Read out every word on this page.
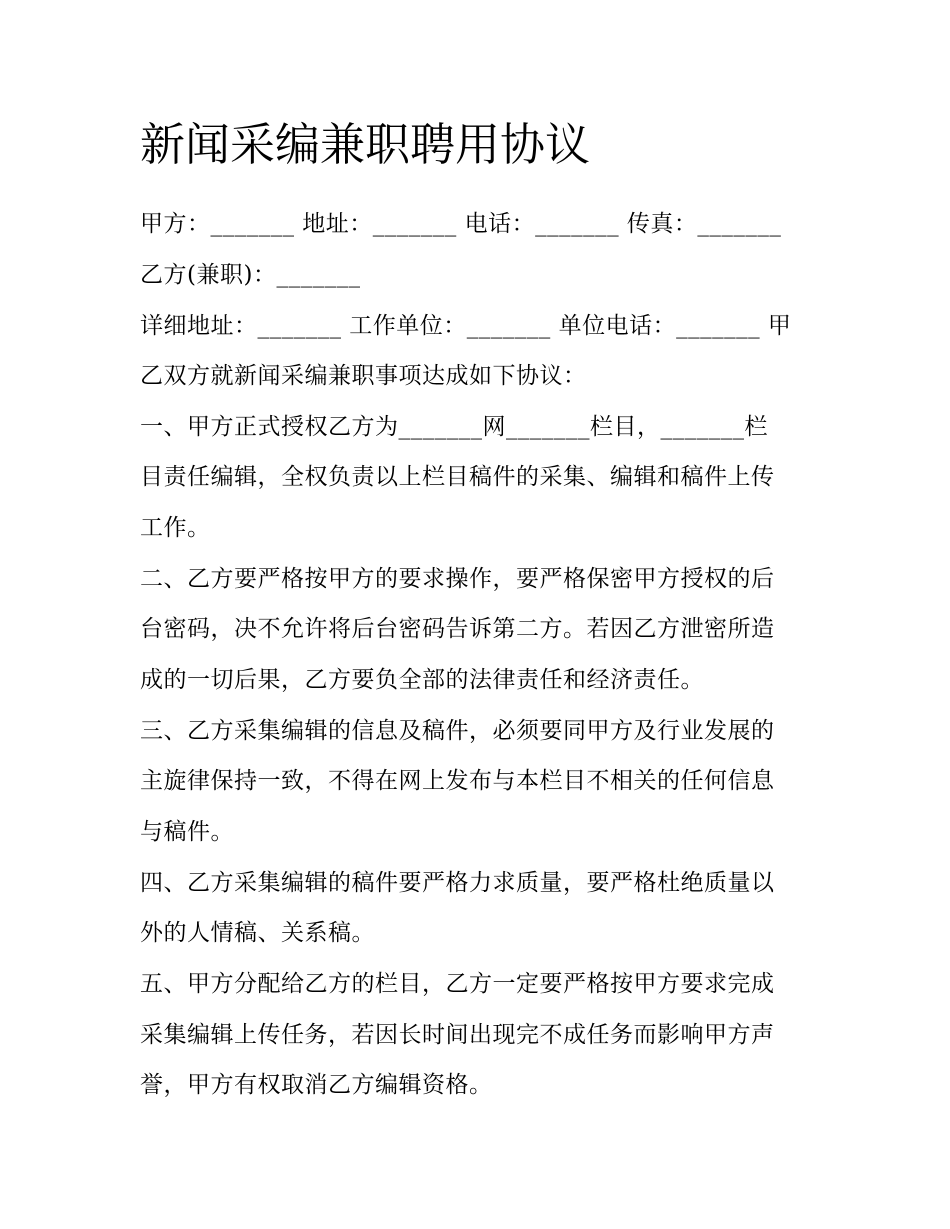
新闻采编兼职聘用协议
甲方：_______ 地址：_______ 电话：_______ 传真：_______
乙方(兼职)：_______
详细地址：_______ 工作单位：_______ 单位电话：_______ 甲
乙双方就新闻采编兼职事项达成如下协议：
一、甲方正式授权乙方为_______网_______栏目，_______栏
目责任编辑，全权负责以上栏目稿件的采集、编辑和稿件上传
工作。
二、乙方要严格按甲方的要求操作，要严格保密甲方授权的后
台密码，决不允许将后台密码告诉第二方。若因乙方泄密所造
成的一切后果，乙方要负全部的法律责任和经济责任。
三、乙方采集编辑的信息及稿件，必须要同甲方及行业发展的
主旋律保持一致，不得在网上发布与本栏目不相关的任何信息
与稿件。
四、乙方采集编辑的稿件要严格力求质量，要严格杜绝质量以
外的人情稿、关系稿。
五、甲方分配给乙方的栏目，乙方一定要严格按甲方要求完成
采集编辑上传任务，若因长时间出现完不成任务而影响甲方声
誉，甲方有权取消乙方编辑资格。
